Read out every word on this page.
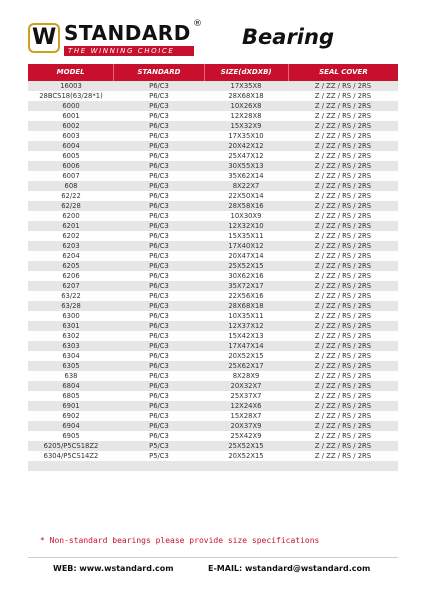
W STANDARD ®
THE WINNING CHOICE
Bearing
MODEL	STANDARD	SIZE(dXDXB)	SEAL COVER
16003	P6/C3	17X35X8	Z / ZZ / RS / 2RS
28BCS18(63/28*1)	P6/C3	28X68X18	Z / ZZ / RS / 2RS
6000	P6/C3	10X26X8	Z / ZZ / RS / 2RS
6001	P6/C3	12X28X8	Z / ZZ / RS / 2RS
6002	P6/C3	15X32X9	Z / ZZ / RS / 2RS
6003	P6/C3	17X35X10	Z / ZZ / RS / 2RS
6004	P6/C3	20X42X12	Z / ZZ / RS / 2RS
6005	P6/C3	25X47X12	Z / ZZ / RS / 2RS
6006	P6/C3	30X55X13	Z / ZZ / RS / 2RS
6007	P6/C3	35X62X14	Z / ZZ / RS / 2RS
608	P6/C3	8X22X7	Z / ZZ / RS / 2RS
62/22	P6/C3	22X50X14	Z / ZZ / RS / 2RS
62/28	P6/C3	28X58X16	Z / ZZ / RS / 2RS
6200	P6/C3	10X30X9	Z / ZZ / RS / 2RS
6201	P6/C3	12X32X10	Z / ZZ / RS / 2RS
6202	P6/C3	15X35X11	Z / ZZ / RS / 2RS
6203	P6/C3	17X40X12	Z / ZZ / RS / 2RS
6204	P6/C3	20X47X14	Z / ZZ / RS / 2RS
6205	P6/C3	25X52X15	Z / ZZ / RS / 2RS
6206	P6/C3	30X62X16	Z / ZZ / RS / 2RS
6207	P6/C3	35X72X17	Z / ZZ / RS / 2RS
63/22	P6/C3	22X56X16	Z / ZZ / RS / 2RS
63/28	P6/C3	28X68X18	Z / ZZ / RS / 2RS
6300	P6/C3	10X35X11	Z / ZZ / RS / 2RS
6301	P6/C3	12X37X12	Z / ZZ / RS / 2RS
6302	P6/C3	15X42X13	Z / ZZ / RS / 2RS
6303	P6/C3	17X47X14	Z / ZZ / RS / 2RS
6304	P6/C3	20X52X15	Z / ZZ / RS / 2RS
6305	P6/C3	25X62X17	Z / ZZ / RS / 2RS
638	P6/C3	8X28X9	Z / ZZ / RS / 2RS
6804	P6/C3	20X32X7	Z / ZZ / RS / 2RS
6805	P6/C3	25X37X7	Z / ZZ / RS / 2RS
6901	P6/C3	12X24X6	Z / ZZ / RS / 2RS
6902	P6/C3	15X28X7	Z / ZZ / RS / 2RS
6904	P6/C3	20X37X9	Z / ZZ / RS / 2RS
6905	P6/C3	25X42X9	Z / ZZ / RS / 2RS
6205/P5CS18Z2	P5/C3	25X52X15	Z / ZZ / RS / 2RS
6304/P5CS14Z2	P5/C3	20X52X15	Z / ZZ / RS / 2RS
* Non-standard bearings please provide size specifications
WEB: www.wstandard.com	E-MAIL: wstandard@wstandard.com
